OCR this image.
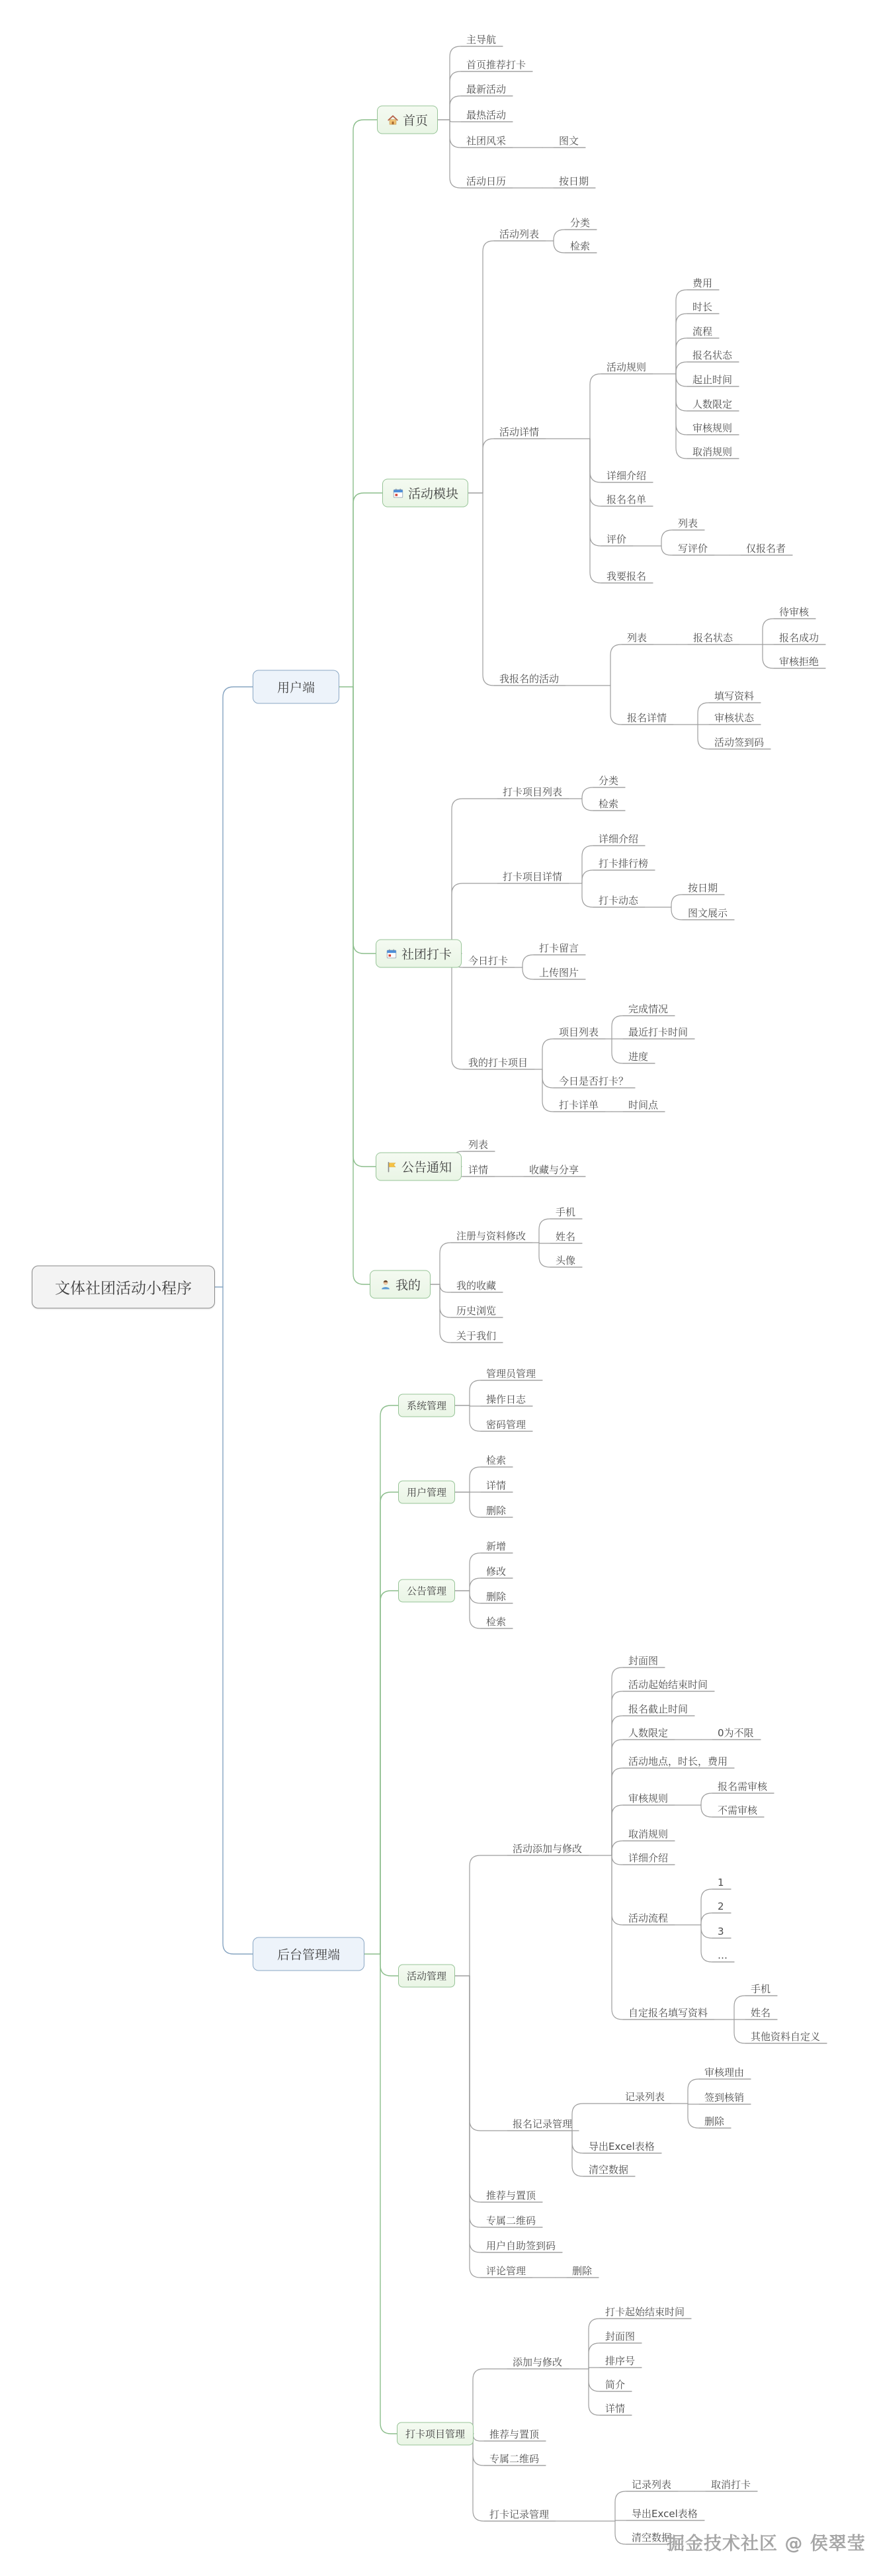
掘金技术社区 @ 侯翠莹
文体社团活动小程序
用户端
首页
主导航
首页推荐打卡
最新活动
最热活动
社团风采	图文
活动日历	按日期
活动模块
活动列表
分类
检索
活动详情
活动规则
费用
时长
流程
报名状态
起止时间
人数限定
审核规则
取消规则
详细介绍
报名名单
评价
列表
写评价	仅报名者
我要报名
我报名的活动
列表	报名状态
待审核
报名成功
审核拒绝
报名详情
填写资料
审核状态
活动签到码
社团打卡
打卡项目列表
分类
检索
打卡项目详情
详细介绍
打卡排行榜
打卡动态
按日期
图文展示
今日打卡
打卡留言
上传图片
我的打卡项目
项目列表
完成情况
最近打卡时间
进度
今日是否打卡？
打卡详单	时间点
公告通知
列表
详情	收藏与分享
我的
注册与资料修改
手机
姓名
头像
我的收藏
历史浏览
关于我们
后台管理端
系统管理
管理员管理
操作日志
密码管理
用户管理
检索
详情
删除
公告管理
新增
修改
删除
检索
活动管理
活动添加与修改
封面图
活动起始结束时间
报名截止时间
人数限定	0为不限
活动地点，时长，费用
审核规则
报名需审核
不需审核
取消规则
详细介绍
活动流程
1
2
3
…
自定报名填写资料
手机
姓名
其他资料自定义
报名记录管理
记录列表
审核理由
签到核销
删除
导出Excel表格
清空数据
推荐与置顶
专属二维码
用户自助签到码
评论管理	删除
打卡项目管理
添加与修改
打卡起始结束时间
封面图
排序号
简介
详情
推荐与置顶
专属二维码
打卡记录管理
记录列表	取消打卡
导出Excel表格
清空数据
